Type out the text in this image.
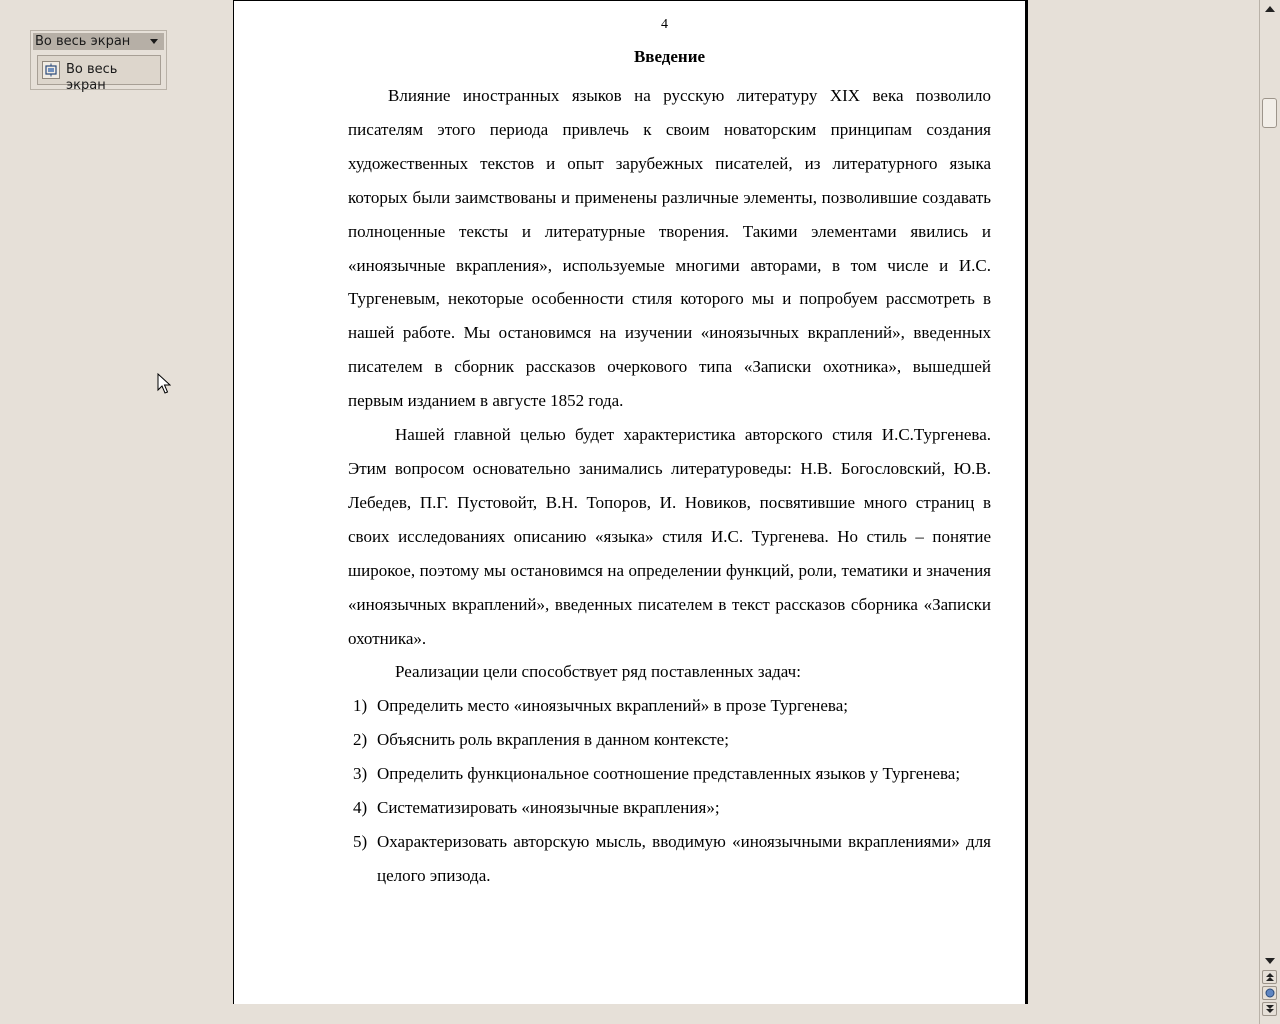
Во весь экран
Во весь экран
4

Введение

Влияние иностранных языков на русскую литературу XIX века позволило писателям этого периода привлечь к своим новаторским принципам создания художественных текстов и опыт зарубежных писателей, из литературного языка которых были заимствованы и применены различные элементы, позволившие создавать полноценные тексты и литературные творения. Такими элементами явились и «иноязычные вкрапления», используемые многими авторами, в том числе и И.С. Тургеневым, некоторые особенности стиля которого мы и попробуем рассмотреть в нашей работе. Мы остановимся на изучении «иноязычных вкраплений», введенных писателем в сборник рассказов очеркового типа «Записки охотника», вышедшей первым изданием в августе 1852 года.

Нашей главной целью будет характеристика авторского стиля И.С.Тургенева. Этим вопросом основательно занимались литературоведы: Н.В. Богословский, Ю.В. Лебедев, П.Г. Пустовойт, В.Н. Топоров, И. Новиков, посвятившие много страниц в своих исследованиях описанию «языка» стиля И.С. Тургенева. Но стиль – понятие широкое, поэтому мы остановимся на определении функций, роли, тематики и значения «иноязычных вкраплений», введенных писателем в текст рассказов сборника «Записки охотника».

Реализации цели способствует ряд поставленных задач:

1) Определить место «иноязычных вкраплений» в прозе Тургенева;
2) Объяснить роль вкрапления в данном контексте;
3) Определить функциональное соотношение представленных языков у Тургенева;
4) Систематизировать «иноязычные вкрапления»;
5) Охарактеризовать авторскую мысль, вводимую «иноязычными вкраплениями» для целого эпизода.
